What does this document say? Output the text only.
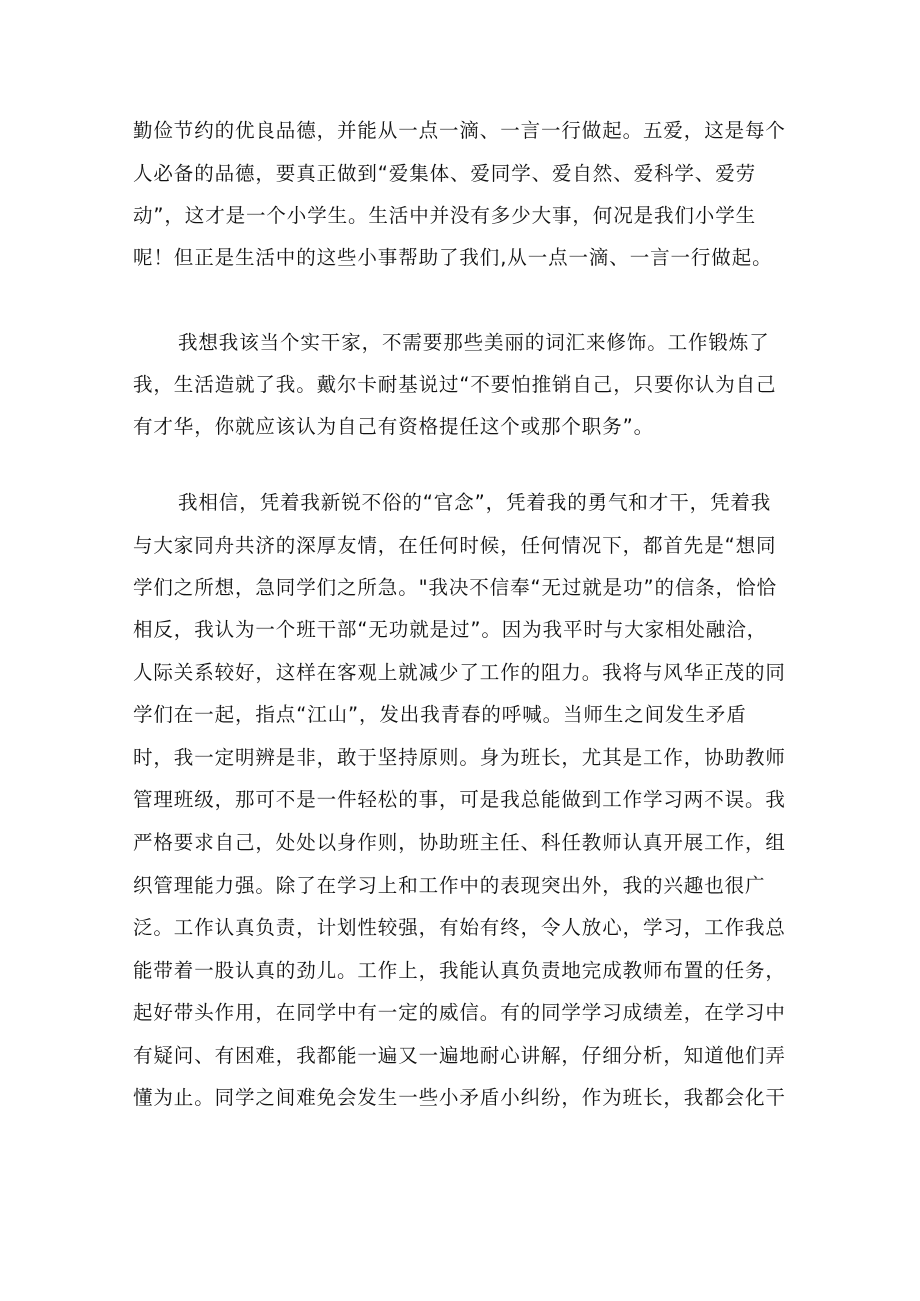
勤俭节约的优良品德，并能从一点一滴、一言一行做起。五爱，这是每个

人必备的品德，要真正做到“爱集体、爱同学、爱自然、爱科学、爱劳

动”，这才是一个小学生。生活中并没有多少大事，何况是我们小学生

呢！但正是生活中的这些小事帮助了我们,从一点一滴、一言一行做起。

我想我该当个实干家，不需要那些美丽的词汇来修饰。工作锻炼了

我，生活造就了我。戴尔卡耐基说过“不要怕推销自己，只要你认为自己

有才华，你就应该认为自己有资格提任这个或那个职务”。

我相信，凭着我新锐不俗的“官念”，凭着我的勇气和才干，凭着我

与大家同舟共济的深厚友情，在任何时候，任何情况下，都首先是“想同

学们之所想，急同学们之所急。"我决不信奉“无过就是功”的信条，恰恰

相反，我认为一个班干部“无功就是过”。因为我平时与大家相处融洽，

人际关系较好，这样在客观上就减少了工作的阻力。我将与风华正茂的同

学们在一起，指点“江山”，发出我青春的呼喊。当师生之间发生矛盾

时，我一定明辨是非，敢于坚持原则。身为班长，尤其是工作，协助教师

管理班级，那可不是一件轻松的事，可是我总能做到工作学习两不误。我

严格要求自己，处处以身作则，协助班主任、科任教师认真开展工作，组

织管理能力强。除了在学习上和工作中的表现突出外，我的兴趣也很广

泛。工作认真负责，计划性较强，有始有终，令人放心，学习，工作我总

能带着一股认真的劲儿。工作上，我能认真负责地完成教师布置的任务，

起好带头作用，在同学中有一定的威信。有的同学学习成绩差，在学习中

有疑问、有困难，我都能一遍又一遍地耐心讲解，仔细分析，知道他们弄

懂为止。同学之间难免会发生一些小矛盾小纠纷，作为班长，我都会化干
